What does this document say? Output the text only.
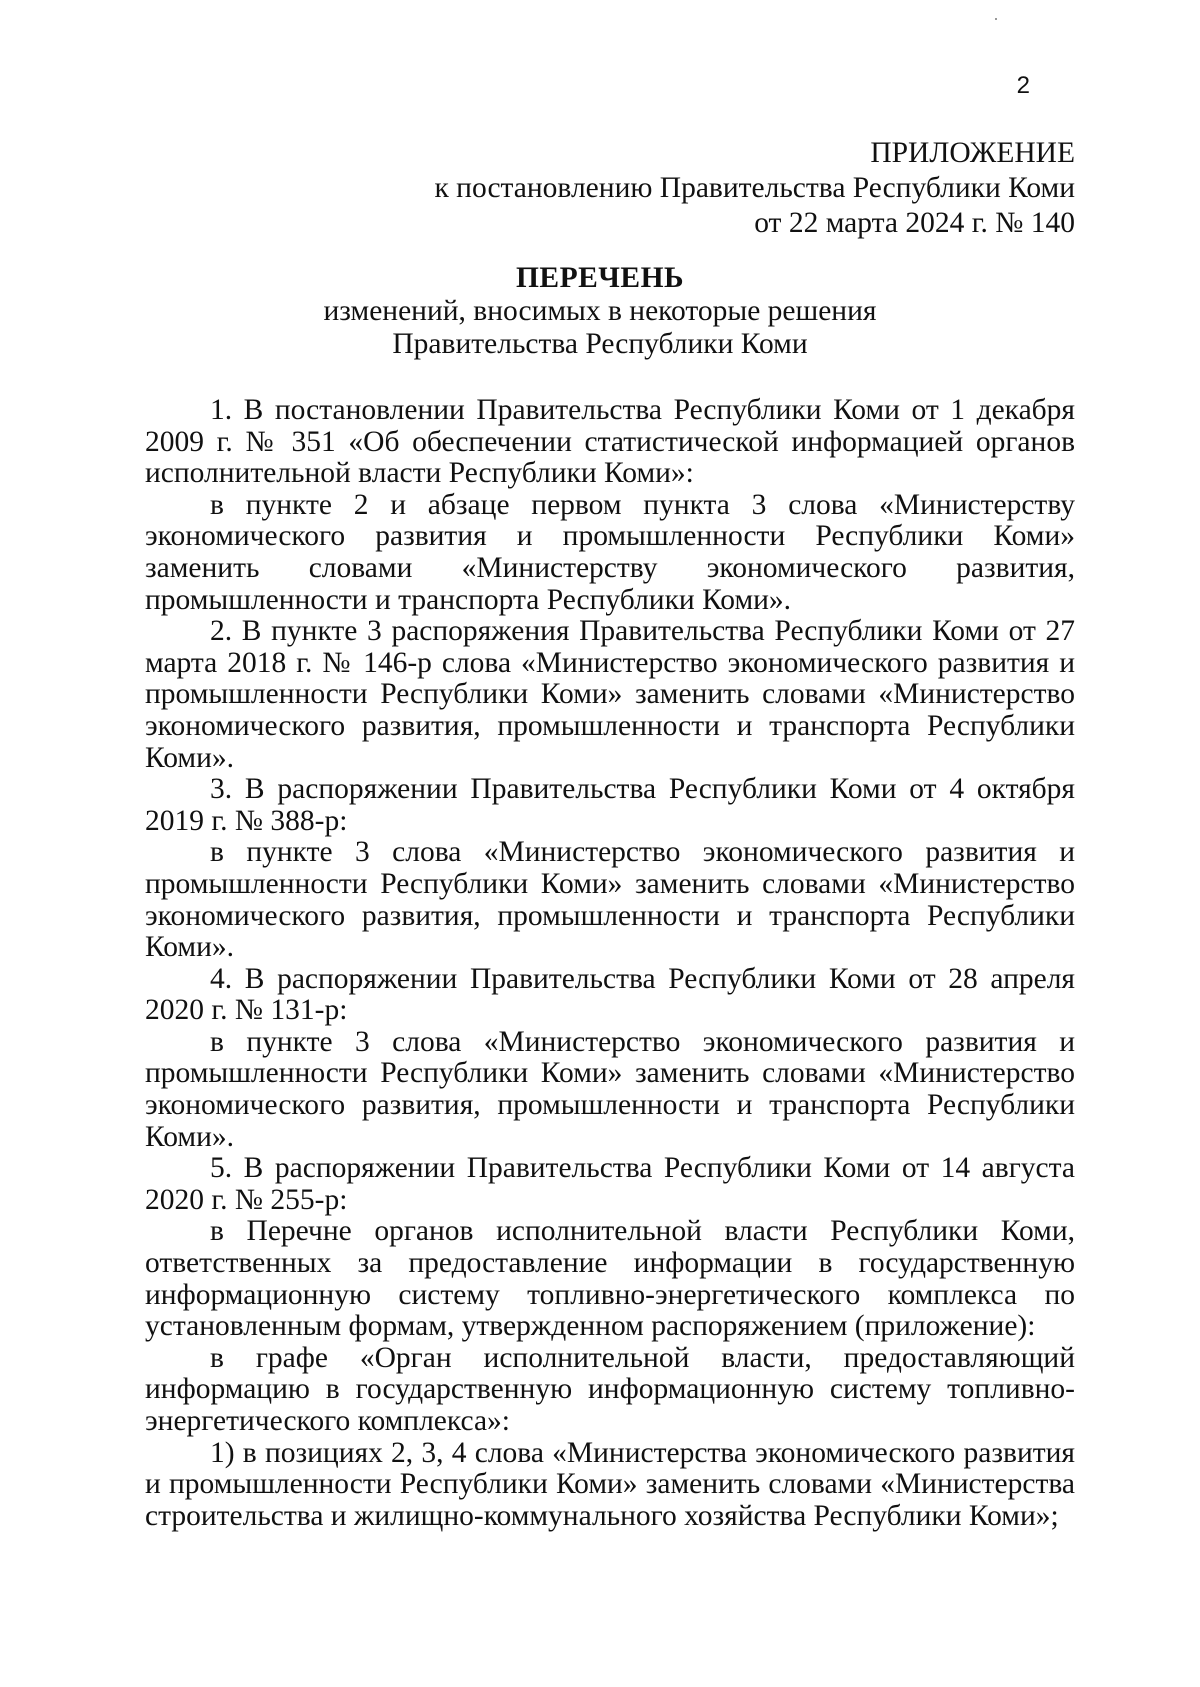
2
ПРИЛОЖЕНИЕ
к постановлению Правительства Республики Коми
от 22 марта 2024 г. № 140
ПЕРЕЧЕНЬ
изменений, вносимых в некоторые решения
Правительства Республики Коми

1. В постановлении Правительства Республики Коми от 1 декабря 2009 г. № 351 «Об обеспечении статистической информацией органов исполнительной власти Республики Коми»:

в пункте 2 и абзаце первом пункта 3 слова «Министерству экономического развития и промышленности Республики Коми» заменить словами «Министерству экономического развития, промышленности и транспорта Республики Коми».

2. В пункте 3 распоряжения Правительства Республики Коми от 27 марта 2018 г. № 146-р слова «Министерство экономического развития и промышленности Республики Коми» заменить словами «Министерство экономического развития, промышленности и транспорта Республики Коми».

3. В распоряжении Правительства Республики Коми от 4 октября 2019 г. № 388-р:

в пункте 3 слова «Министерство экономического развития и промышленности Республики Коми» заменить словами «Министерство экономического развития, промышленности и транспорта Республики Коми».

4. В распоряжении Правительства Республики Коми от 28 апреля 2020 г. № 131-р:

в пункте 3 слова «Министерство экономического развития и промышленности Республики Коми» заменить словами «Министерство экономического развития, промышленности и транспорта Республики Коми».

5. В распоряжении Правительства Республики Коми от 14 августа 2020 г. № 255-р:

в Перечне органов исполнительной власти Республики Коми, ответственных за предоставление информации в государственную информационную систему топливно-энергетического комплекса по установленным формам, утвержденном распоряжением (приложение):

в графе «Орган исполнительной власти, предоставляющий информацию в государственную информационную систему топливно-энергетического комплекса»:

1) в позициях 2, 3, 4 слова «Министерства экономического развития и промышленности Республики Коми» заменить словами «Министерства строительства и жилищно-коммунального хозяйства Республики Коми»;
